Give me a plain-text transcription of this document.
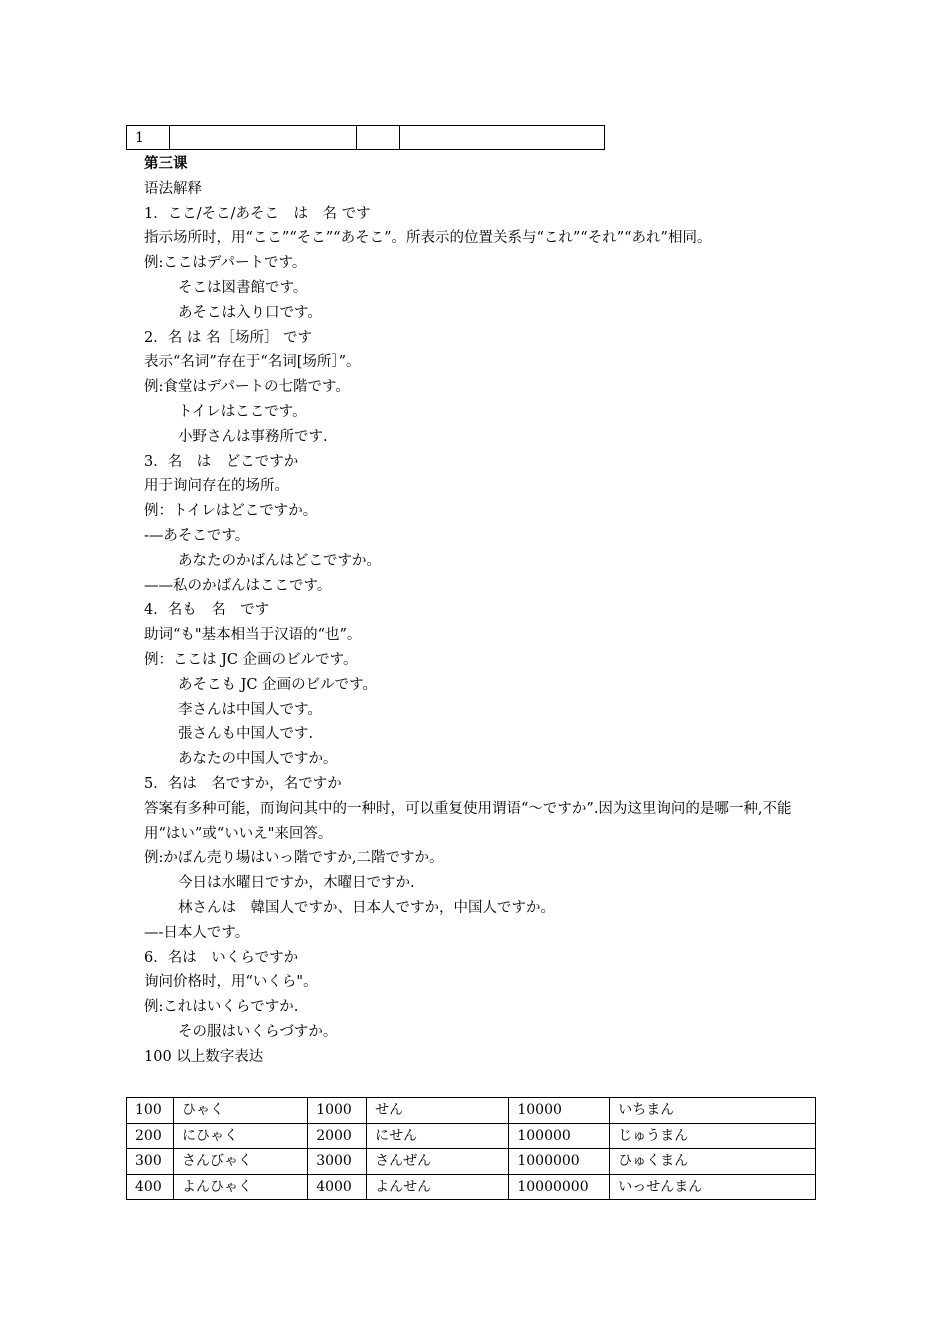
1			
第三课
语法解释
1．ここ/そこ/あそこ　は　名 です
指示场所时，用“ここ”“そこ”“あそこ”。所表示的位置关系与“これ”“それ”“あれ”相同。
例:ここはデパートです。
そこは図書館です。
あそこは入り口です。
2．名 は 名［场所］ です
表示“名词”存在于“名词[场所］”。
例:食堂はデパートの七階です。
トイレはここです。
小野さんは事務所です.
3．名　は　どこですか
用于询问存在的场所。
例：トイレはどこですか。
-—あそこです。
あなたのかばんはどこですか。
——私のかばんはここです。
4．名も　名　です
助词“も"基本相当于汉语的“也”。
例：ここは JC 企画のビルです。
あそこも JC 企画のビルです。
李さんは中国人です。
張さんも中国人です.
あなたの中国人ですか。
5．名は　名ですか，名ですか
答案有多种可能，而询问其中的一种时，可以重复使用谓语“～ですか”.因为这里询问的是哪一种,不能用“はい”或“いいえ"来回答。
例:かばん売り場はいっ階ですか,二階ですか。
今日は水曜日ですか，木曜日ですか.
林さんは　韓国人ですか、日本人ですか，中国人ですか。
—-日本人です。
6．名は　いくらですか
询问价格时，用“いくら"。
例:これはいくらですか.
その服はいくらづすか。
100 以上数字表达
100	ひゃく	1000	せん	10000	いちまん
200	にひゃく	2000	にせん	100000	じゅうまん
300	さんびゃく	3000	さんぜん	1000000	ひゅくまん
400	よんひゃく	4000	よんせん	10000000	いっせんまん
